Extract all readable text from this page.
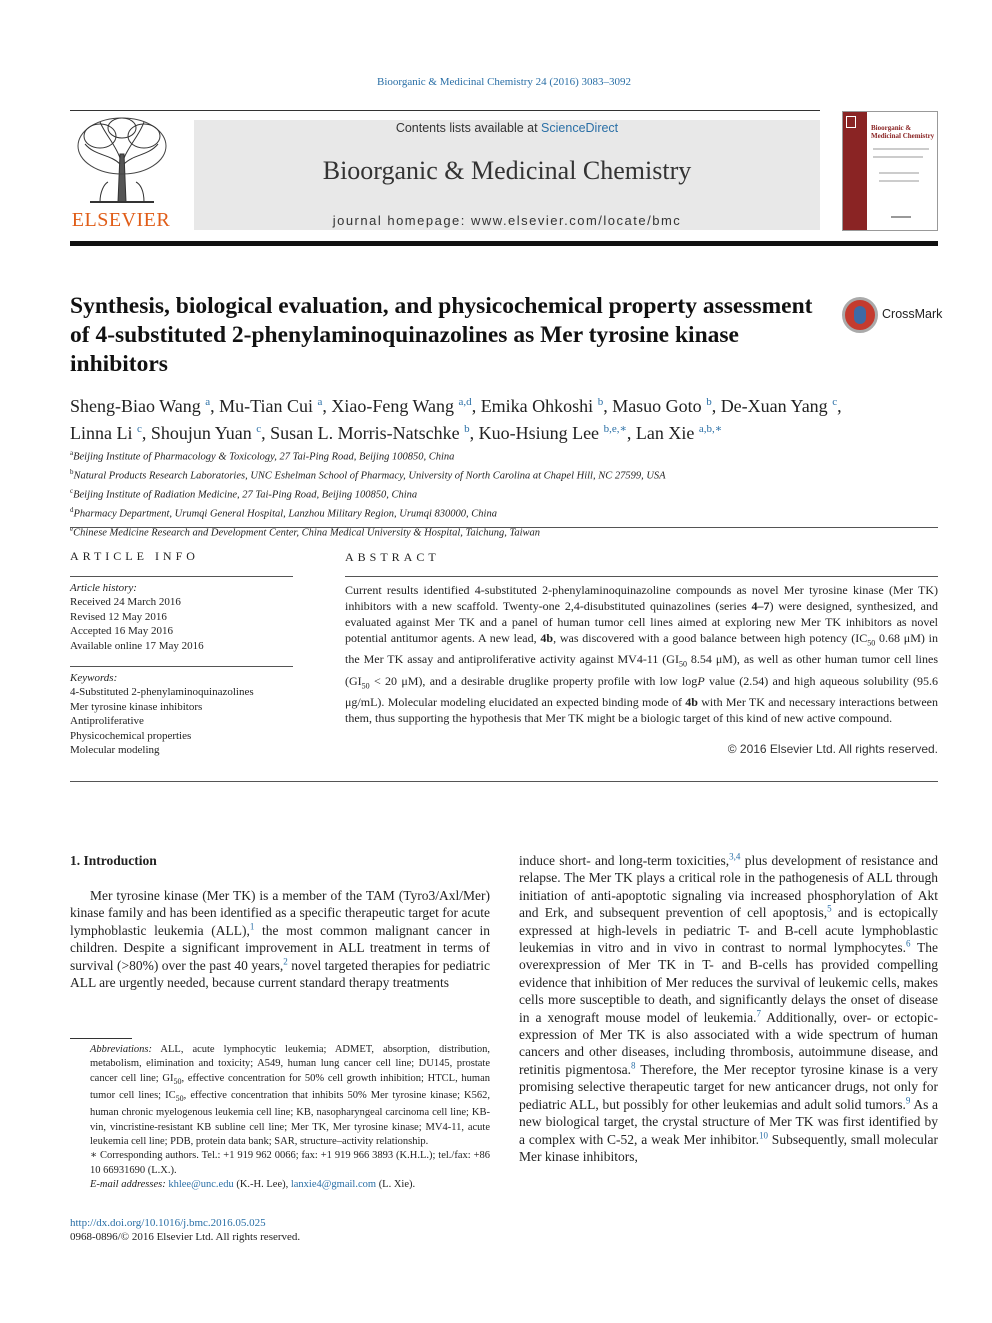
Bioorganic & Medicinal Chemistry 24 (2016) 3083–3092
ELSEVIER
Contents lists available at ScienceDirect
Bioorganic & Medicinal Chemistry
journal homepage: www.elsevier.com/locate/bmc
Bioorganic & Medicinal Chemistry
Synthesis, biological evaluation, and physicochemical property assessment of 4-substituted 2-phenylaminoquinazolines as Mer tyrosine kinase inhibitors
CrossMark
Sheng-Biao Wang $^a$, Mu-Tian Cui $^a$, Xiao-Feng Wang $^{a,d}$, Emika Ohkoshi $^b$, Masuo Goto $^b$, De-Xuan Yang $^c$,
Linna Li $^c$, Shoujun Yuan $^c$, Susan L. Morris-Natschke $^b$, Kuo-Hsiung Lee $^{b,e,∗}$, Lan Xie $^{a,b,∗}$
$^a$Beijing Institute of Pharmacology & Toxicology, 27 Tai-Ping Road, Beijing 100850, China
$^b$Natural Products Research Laboratories, UNC Eshelman School of Pharmacy, University of North Carolina at Chapel Hill, NC 27599, USA
$^c$Beijing Institute of Radiation Medicine, 27 Tai-Ping Road, Beijing 100850, China
$^d$Pharmacy Department, Urumqi General Hospital, Lanzhou Military Region, Urumqi 830000, China
$^e$Chinese Medicine Research and Development Center, China Medical University & Hospital, Taichung, Taiwan
ARTICLE INFO	ABSTRACT
Article history:
Received 24 March 2016
Revised 12 May 2016
Accepted 16 May 2016
Available online 17 May 2016
Keywords:
4-Substituted 2-phenylaminoquinazolines
Mer tyrosine kinase inhibitors
Antiproliferative
Physicochemical properties
Molecular modeling
Current results identified 4-substituted 2-phenylaminoquinazoline compounds as novel Mer tyrosine kinase (Mer TK) inhibitors with a new scaffold. Twenty-one 2,4-disubstituted quinazolines (series 4–7) were designed, synthesized, and evaluated against Mer TK and a panel of human tumor cell lines aimed at exploring new Mer TK inhibitors as novel potential antitumor agents. A new lead, 4b, was discovered with a good balance between high potency ($IC_{50}$ 0.68 μM) in the Mer TK assay and antiproliferative activity against MV4-11 ($GI_{50}$ 8.54 μM), as well as other human tumor cell lines ($GI_{50} < 20$ μM), and a desirable druglike property profile with low logP value (2.54) and high aqueous solubility (95.6 μg/mL). Molecular modeling elucidated an expected binding mode of 4b with Mer TK and necessary interactions between them, thus supporting the hypothesis that Mer TK might be a biologic target of this kind of new active compound.
© 2016 Elsevier Ltd. All rights reserved.
1. Introduction
Mer tyrosine kinase (Mer TK) is a member of the TAM (Tyro3/Axl/Mer) kinase family and has been identified as a specific therapeutic target for acute lymphoblastic leukemia (ALL),$^1$ the most common malignant cancer in children. Despite a significant improvement in ALL treatment in terms of survival (>80%) over the past 40 years,$^2$ novel targeted therapies for pediatric ALL are urgently needed, because current standard therapy treatments
induce short- and long-term toxicities,$^{3,4}$ plus development of resistance and relapse. The Mer TK plays a critical role in the pathogenesis of ALL through initiation of anti-apoptotic signaling via increased phosphorylation of Akt and Erk, and subsequent prevention of cell apoptosis,$^5$ and is ectopically expressed at high-levels in pediatric T- and B-cell acute lymphoblastic leukemias in vitro and in vivo in contrast to normal lymphocytes.$^6$ The overexpression of Mer TK in T- and B-cells has provided compelling evidence that inhibition of Mer reduces the survival of leukemic cells, makes cells more susceptible to death, and significantly delays the onset of disease in a xenograft mouse model of leukemia.$^7$ Additionally, over- or ectopic-expression of Mer TK is also associated with a wide spectrum of human cancers and other diseases, including thrombosis, autoimmune disease, and retinitis pigmentosa.$^8$ Therefore, the Mer receptor tyrosine kinase is a very promising selective therapeutic target for new anticancer drugs, not only for pediatric ALL, but possibly for other leukemias and adult solid tumors.$^9$ As a new biological target, the crystal structure of Mer TK was first identified by a complex with C-52, a weak Mer inhibitor.$^{10}$ Subsequently, small molecular Mer kinase inhibitors,
Abbreviations: ALL, acute lymphocytic leukemia; ADMET, absorption, distribution, metabolism, elimination and toxicity; A549, human lung cancer cell line; DU145, prostate cancer cell line; $GI_{50}$, effective concentration for 50% cell growth inhibition; HTCL, human tumor cell lines; $IC_{50}$, effective concentration that inhibits 50% Mer tyrosine kinase; K562, human chronic myelogenous leukemia cell line; KB, nasopharyngeal carcinoma cell line; KB-vin, vincristine-resistant KB subline cell line; Mer TK, Mer tyrosine kinase; MV4-11, acute leukemia cell line; PDB, protein data bank; SAR, structure–activity relationship.
∗ Corresponding authors. Tel.: +1 919 962 0066; fax: +1 919 966 3893 (K.H.L.); tel./fax: +86 10 66931690 (L.X.).
E-mail addresses: khlee@unc.edu (K.-H. Lee), lanxie4@gmail.com (L. Xie).
http://dx.doi.org/10.1016/j.bmc.2016.05.025
0968-0896/© 2016 Elsevier Ltd. All rights reserved.
